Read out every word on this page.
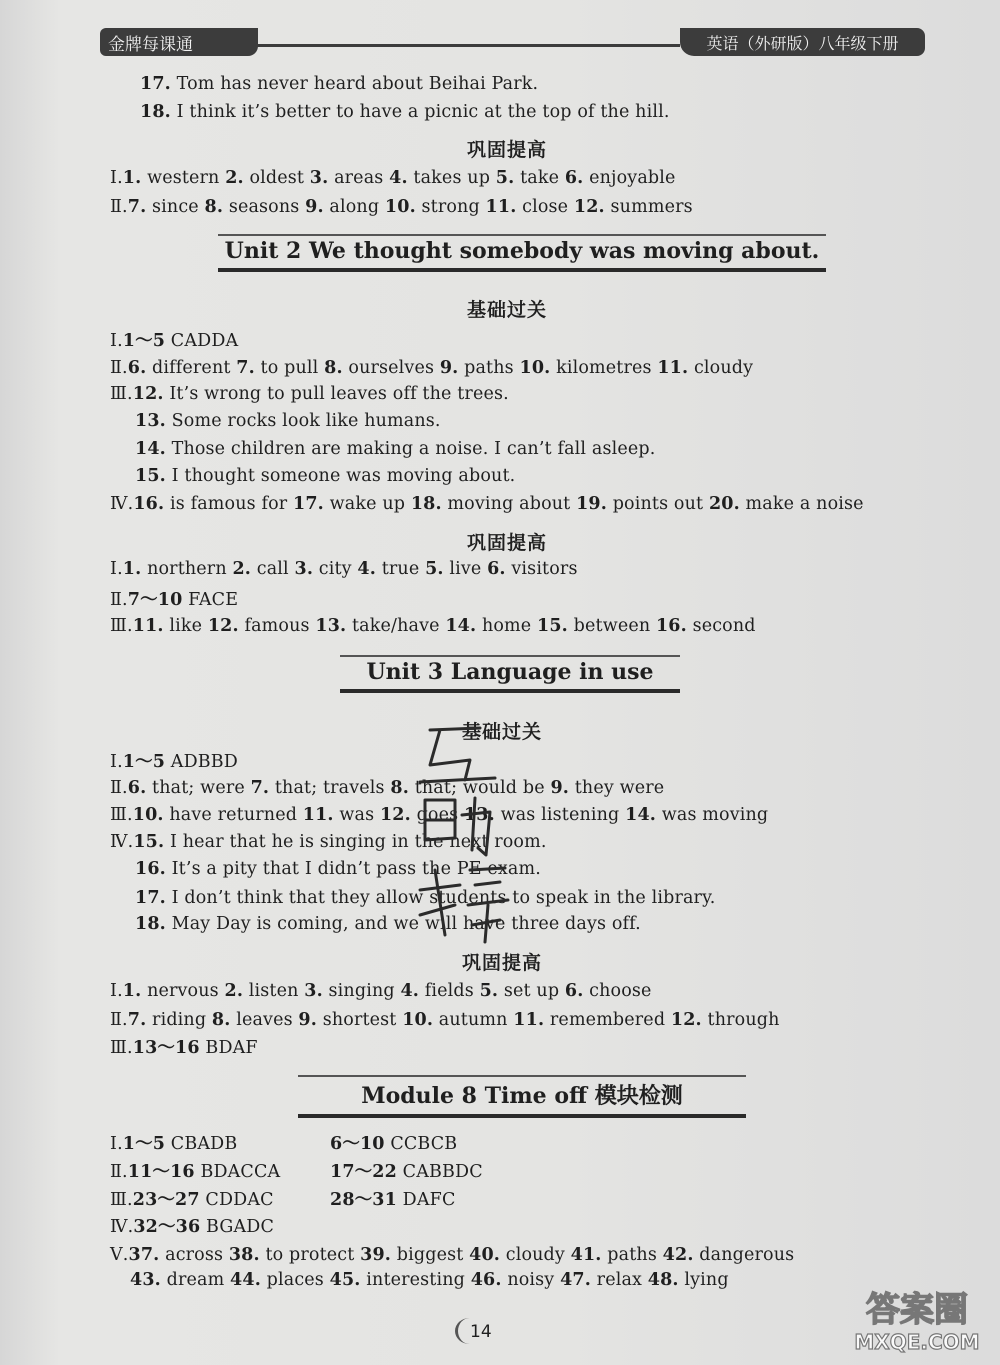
金牌每课通	英语（外研版）八年级下册
17. Tom has never heard about Beihai Park.
18. I think it’s better to have a picnic at the top of the hill.
巩固提高
Ⅰ.1. western 2. oldest 3. areas 4. takes up 5. take 6. enjoyable
Ⅱ.7. since 8. seasons 9. along 10. strong 11. close 12. summers
Unit 2 We thought somebody was moving about.
基础过关
Ⅰ.1～5 CADDA
Ⅱ.6. different 7. to pull 8. ourselves 9. paths 10. kilometres 11. cloudy
Ⅲ.12. It’s wrong to pull leaves off the trees.
13. Some rocks look like humans.
14. Those children are making a noise. I can’t fall asleep.
15. I thought someone was moving about.
Ⅳ.16. is famous for 17. wake up 18. moving about 19. points out 20. make a noise
巩固提高
Ⅰ.1. northern 2. call 3. city 4. true 5. live 6. visitors
Ⅱ.7～10 FACE
Ⅲ.11. like 12. famous 13. take/have 14. home 15. between 16. second
Unit 3 Language in use
基础过关
Ⅰ.1～5 ADBBD
Ⅱ.6. that; were 7. that; travels 8. that; would be 9. they were
Ⅲ.10. have returned 11. was 12. goes 13. was listening 14. was moving
Ⅳ.15. I hear that he is singing in the next room.
16. It’s a pity that I didn’t pass the PE exam.
17. I don’t think that they allow students to speak in the library.
18. May Day is coming, and we will have three days off.
巩固提高
Ⅰ.1. nervous 2. listen 3. singing 4. fields 5. set up 6. choose
Ⅱ.7. riding 8. leaves 9. shortest 10. autumn 11. remembered 12. through
Ⅲ.13～16 BDAF
Module 8 Time off 模块检测
Ⅰ.1～5 CBADB	6～10 CCBCB
Ⅱ.11～16 BDACCA	17～22 CABBDC
Ⅲ.23～27 CDDAC	28～31 DAFC
Ⅳ.32～36 BGADC
Ⅴ.37. across 38. to protect 39. biggest 40. cloudy 41. paths 42. dangerous
43. dream 44. places 45. interesting 46. noisy 47. relax 48. lying
14
答案圈
MXQE.COM
